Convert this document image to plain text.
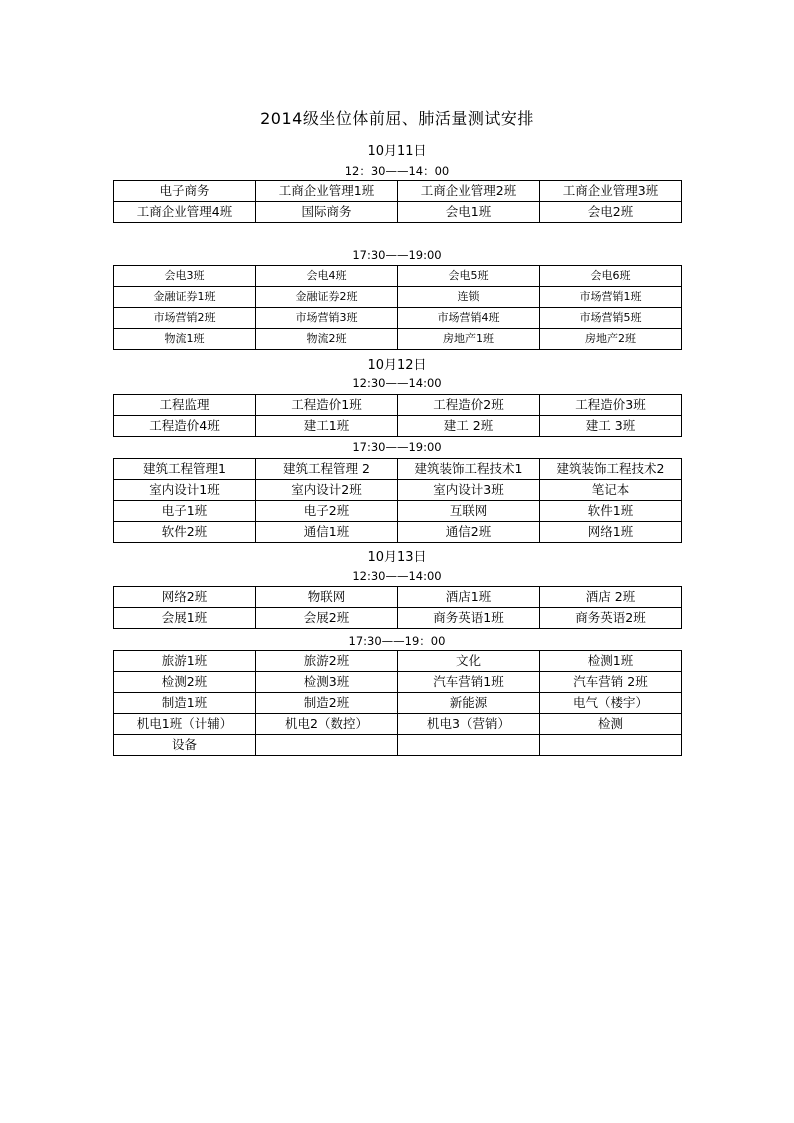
2014级坐位体前屈、肺活量测试安排
10月11日
12：30——14：00
电子商务	工商企业管理1班	工商企业管理2班	工商企业管理3班
工商企业管理4班	国际商务	会电1班	会电2班
17:30——19:00
会电3班	会电4班	会电5班	会电6班
金融证券1班	金融证券2班	连锁	市场营销1班
市场营销2班	市场营销3班	市场营销4班	市场营销5班
物流1班	物流2班	房地产1班	房地产2班
10月12日
12:30——14:00
工程监理	工程造价1班	工程造价2班	工程造价3班
工程造价4班	建工1班	建工 2班	建工 3班
17:30——19:00
建筑工程管理1	建筑工程管理 2	建筑装饰工程技术1	建筑装饰工程技术2
室内设计1班	室内设计2班	室内设计3班	笔记本
电子1班	电子2班	互联网	软件1班
软件2班	通信1班	通信2班	网络1班
10月13日
12:30——14:00
网络2班	物联网	酒店1班	酒店 2班
会展1班	会展2班	商务英语1班	商务英语2班
17:30——19：00
旅游1班	旅游2班	文化	检测1班
检测2班	检测3班	汽车营销1班	汽车营销 2班
制造1班	制造2班	新能源	电气（楼宇）
机电1班（计辅）	机电2（数控）	机电3（营销）	检测
设备			
